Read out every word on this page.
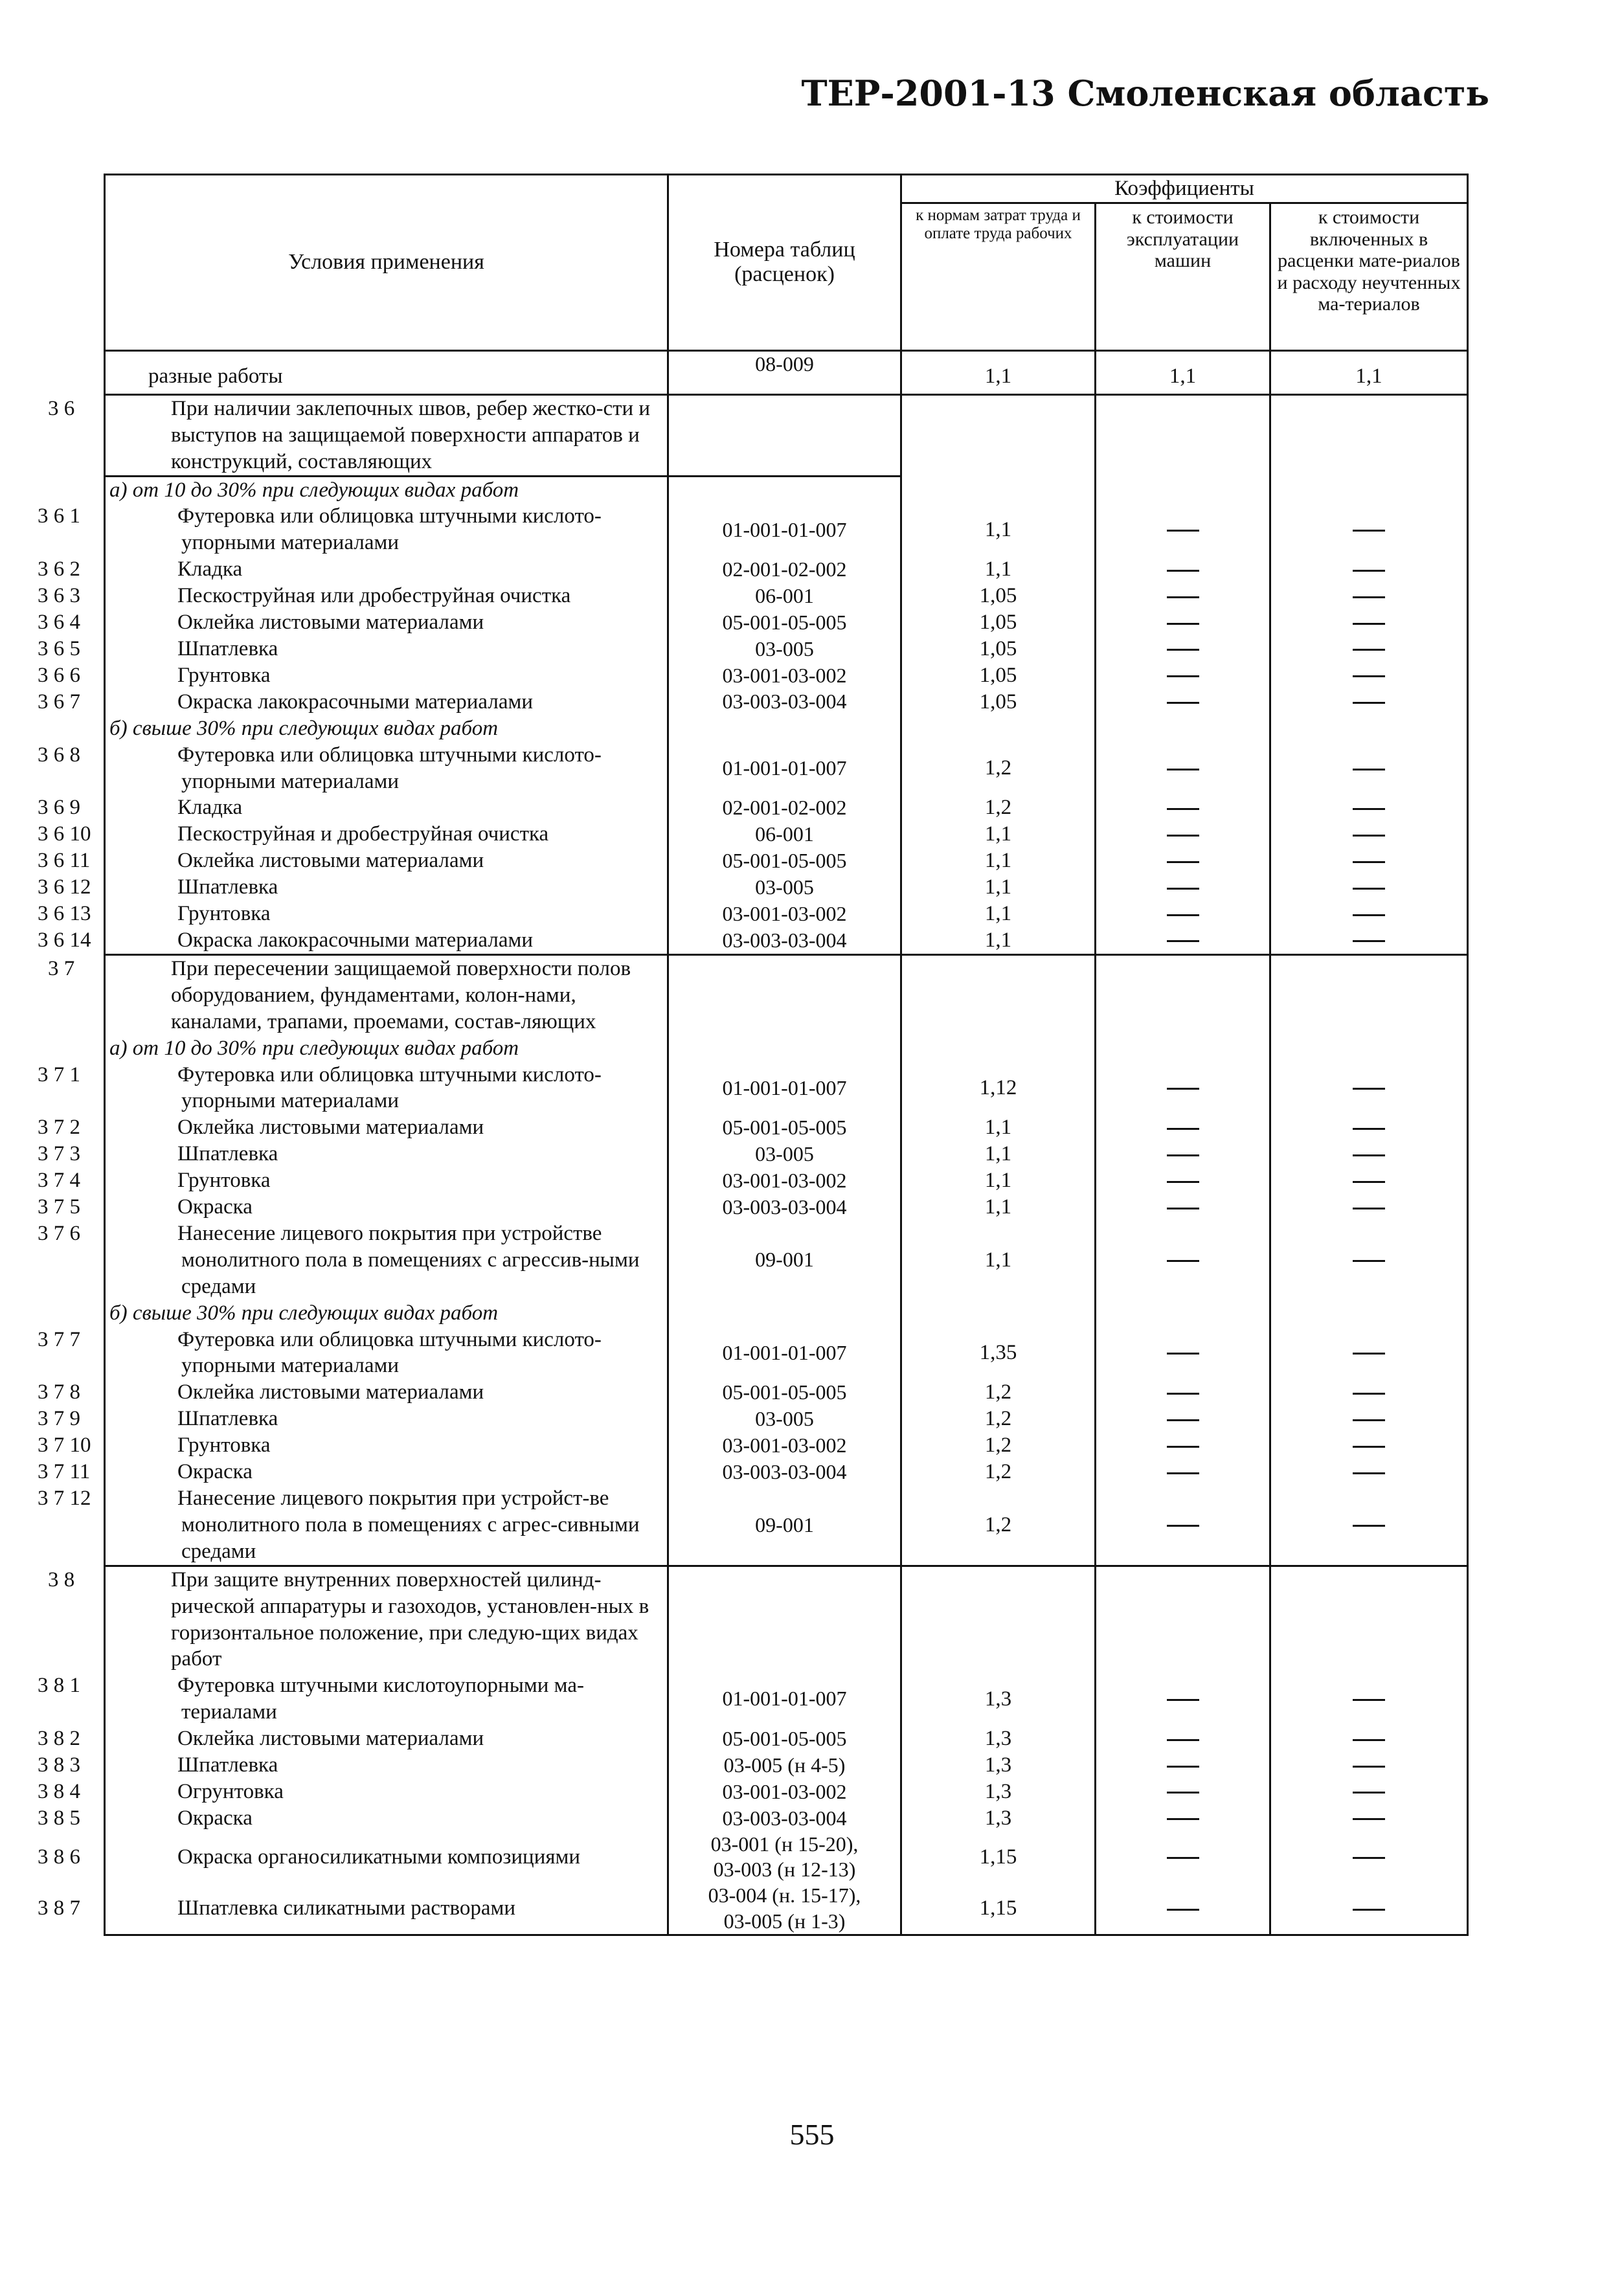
ТЕР-2001-13 Смоленская область
Условия применения	Номера таблиц (расценок)	Коэффициенты		
		к нормам затрат труда и оплате труда рабочих	к стоимости эксплуатации машин	к стоимости включенных в расценки мате-риалов и расходу неучтенных ма-териалов
разные работы	08-009	1,1	1,1	1,1
3 6 При наличии заклепочных швов, ребер жестко-сти и выступов на защищаемой поверхности аппаратов и конструкций, составляющих				
а) от 10 до 30% при следующих видах работ				
3 6 1 Футеровка или облицовка штучными кислото-упорными материалами	01-001-01-007	1,1	

3 6 2 Кладка	02-001-02-002	1,1	

3 6 3 Пескоструйная или дробеструйная очистка	06-001	1,05	

3 6 4 Оклейка листовыми материалами	05-001-05-005	1,05	

3 6 5 Шпатлевка	03-005	1,05	

3 6 6 Грунтовка	03-001-03-002	1,05	

3 6 7 Окраска лакокрасочными материалами	03-003-03-004	1,05	

б) свыше 30% при следующих видах работ				
3 6 8 Футеровка или облицовка штучными кислото-упорными материалами	01-001-01-007	1,2	

3 6 9 Кладка	02-001-02-002	1,2	

3 6 10 Пескоструйная и дробеструйная очистка	06-001	1,1	

3 6 11 Оклейка листовыми материалами	05-001-05-005	1,1	

3 6 12 Шпатлевка	03-005	1,1	

3 6 13 Грунтовка	03-001-03-002	1,1	

3 6 14 Окраска лакокрасочными материалами	03-003-03-004	1,1	

3 7 При пересечении защищаемой поверхности полов оборудованием, фундаментами, колон-нами, каналами, трапами, проемами, состав-ляющих				
а) от 10 до 30% при следующих видах работ				
3 7 1 Футеровка или облицовка штучными кислото-упорными материалами	01-001-01-007	1,12	

3 7 2 Оклейка листовыми материалами	05-001-05-005	1,1	

3 7 3 Шпатлевка	03-005	1,1	

3 7 4 Грунтовка	03-001-03-002	1,1	

3 7 5 Окраска	03-003-03-004	1,1	

3 7 6 Нанесение лицевого покрытия при устройстве монолитного пола в помещениях с агрессив-ными средами	09-001	1,1	

б) свыше 30% при следующих видах работ				
3 7 7 Футеровка или облицовка штучными кислото-упорными материалами	01-001-01-007	1,35	

3 7 8 Оклейка листовыми материалами	05-001-05-005	1,2	

3 7 9 Шпатлевка	03-005	1,2	

3 7 10 Грунтовка	03-001-03-002	1,2	

3 7 11 Окраска	03-003-03-004	1,2	

3 7 12 Нанесение лицевого покрытия при устройст-ве монолитного пола в помещениях с агрес-сивными средами	09-001	1,2	

3 8 При защите внутренних поверхностей цилинд-рической аппаратуры и газоходов, установлен-ных в горизонтальное положение, при следую-щих видах работ				
3 8 1 Футеровка штучными кислотоупорными ма-териалами	01-001-01-007	1,3	

3 8 2 Оклейка листовыми материалами	05-001-05-005	1,3	

3 8 3 Шпатлевка	03-005 (н 4-5)	1,3	

3 8 4 Огрунтовка	03-001-03-002	1,3	

3 8 5 Окраска	03-003-03-004	1,3	

3 8 6 Окраска органосиликатными композициями	03-001 (н 15-20),
03-003 (н 12-13)	1,15	

3 8 7 Шпатлевка силикатными растворами	03-004 (н. 15-17),
03-005 (н 1-3)	1,15	

555
